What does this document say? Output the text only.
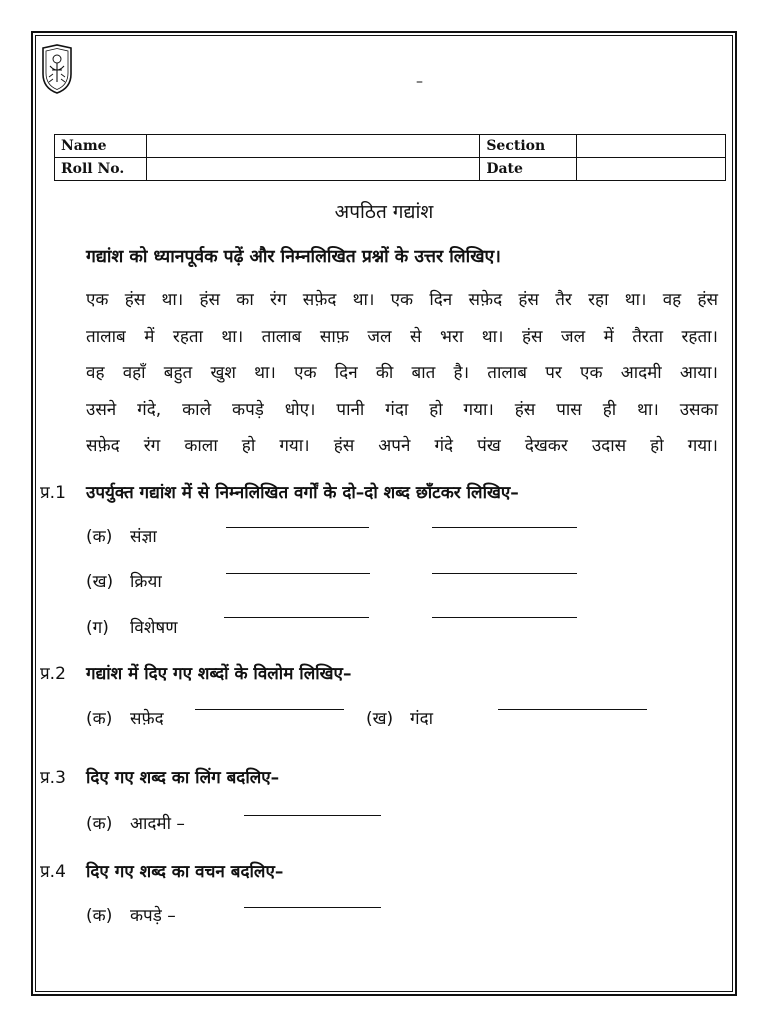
–
Name		Section	
Roll No.		Date	
अपठित गद्यांश
गद्यांश को ध्यानपूर्वक पढ़ें और निम्नलिखित प्रश्नों के उत्तर लिखिए।
एक हंस था। हंस का रंग सफ़ेद था। एक दिन सफ़ेद हंस तैर रहा था। वह हंस
तालाब में रहता था। तालाब साफ़ जल से भरा था। हंस जल में तैरता रहता।
वह वहाँ बहुत खुश था। एक दिन की बात है। तालाब पर एक आदमी आया।
उसने गंदे, काले कपड़े धोए। पानी गंदा हो गया। हंस पास ही था। उसका
सफ़ेद रंग काला हो गया। हंस अपने गंदे पंख देखकर उदास हो गया।
प्र.1 उपर्युक्त गद्यांश में से निम्नलिखित वर्गों के दो–दो शब्द छाँटकर लिखिए–
(क) संज्ञा
(ख) क्रिया
(ग) विशेषण
प्र.2 गद्यांश में दिए गए शब्दों के विलोम लिखिए–
(क) सफ़ेद	(ख) गंदा
प्र.3 दिए गए शब्द का लिंग बदलिए–
(क) आदमी –
प्र.4 दिए गए शब्द का वचन बदलिए–
(क) कपड़े –
